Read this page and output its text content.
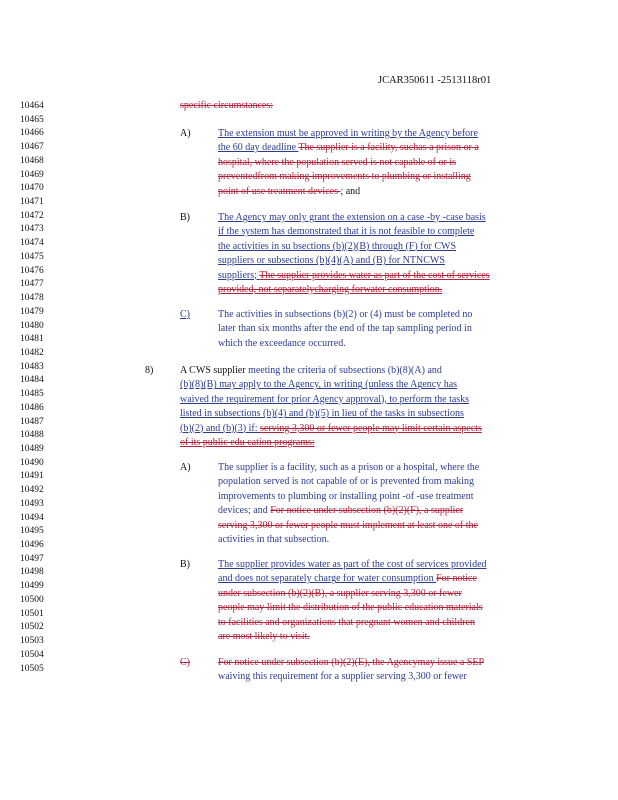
JCAR350611 -2513118r01
10464
10465
10466
10467
10468
10469
10470
10471
10472
10473
10474
10475
10476
10477
10478
10479
10480
10481
10482
10483
10484
10485
10486
10487
10488
10489
10490
10491
10492
10493
10494
10495
10496
10497
10498
10499
10500
10501
10502
10503
10504
10505
specific circumstances:
A)	The extension must be approved in writing by the Agency before
the 60 day deadline The supplier is a facility, suchas a prison or a
hospital, where the population served is not capable of or is
preventedfrom making improvements to plumbing or installing
point of use treatment devices ; and
B)	The Agency may only grant the extension on a case -by -case basis
if the system has demonstrated that it is not feasible to complete
the activities in su bsections (b)(2)(B) through (F) for CWS
suppliers or subsections (b)(4)(A) and (B) for NTNCWS
suppliers; The supplier provides water as part of the cost of services
provided, not separatelycharging forwater consumption.
C)	The activities in subsections (b)(2) or (4) must be completed no
later than six months after the end of the tap sampling period in
which the exceedance occurred.
8)	A CWS supplier meeting the criteria of subsections (b)(8)(A) and
(b)(8)(B) may apply to the Agency, in writing (unless the Agency has
waived the requirement for prior Agency approval), to perform the tasks
listed in subsections (b)(4) and (b)(5) in lieu of the tasks in subsections
(b)(2) and (b)(3) if: serving 3,300 or fewer people may limit certain aspects
of its public edu cation programs:
A)	The supplier is a facility, such as a prison or a hospital, where the
population served is not capable of or is prevented from making
improvements to plumbing or installing point -of -use treatment
devices; and For notice under subsection (b)(2)(F), a supplier
serving 3,300 or fewer people must implement at least one of the
activities in that subsection.
B)	The supplier provides water as part of the cost of services provided
and does not separately charge for water consumption For notice
under subsection (b)(2)(B), a supplier serving 3,300 or fewer
people may limit the distribution of the public education materials
to facilities and organizations that pregnant women and children
are most likely to visit.
C)	For notice under subsection (b)(2)(E), the Agencymay issue a SEP
waiving this requirement for a supplier serving 3,300 or fewer
